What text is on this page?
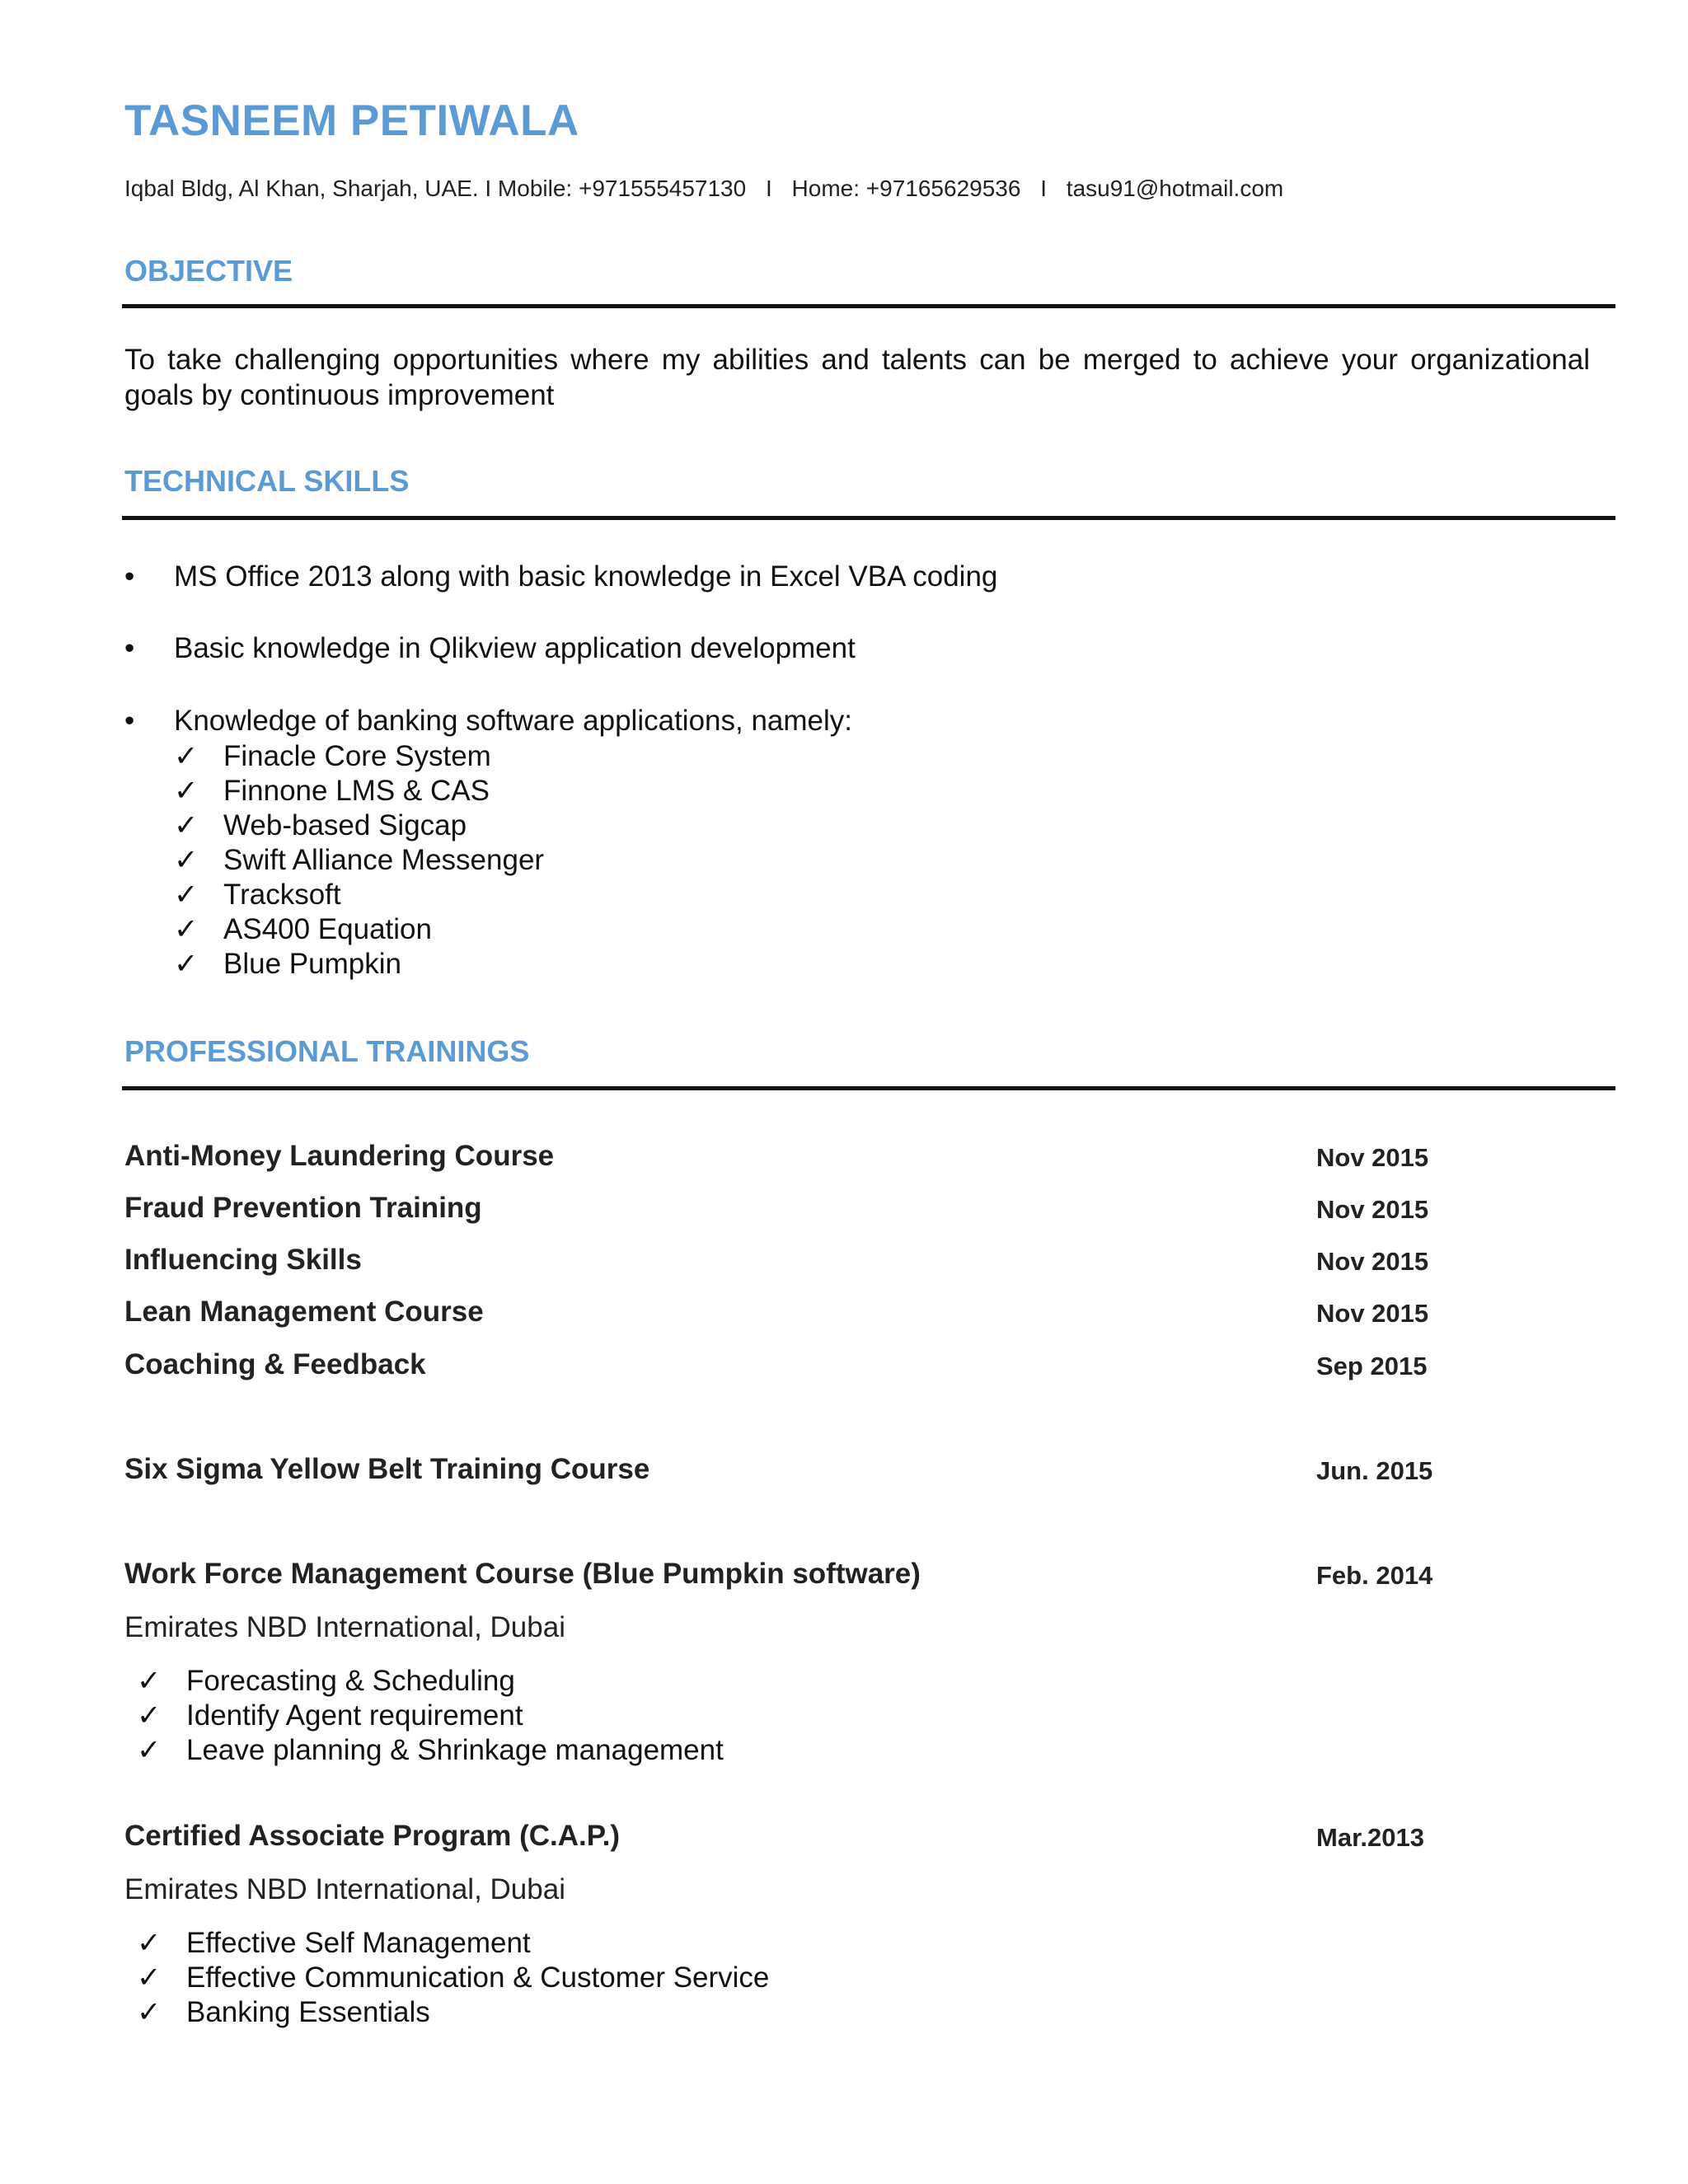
TASNEEM PETIWALA
Iqbal Bldg, Al Khan, Sharjah, UAE. I Mobile: +971555457130 I Home: +97165629536 I tasu91@hotmail.com
OBJECTIVE
To take challenging opportunities where my abilities and talents can be merged to achieve your organizational goals by continuous improvement
TECHNICAL SKILLS
•	MS Office 2013 along with basic knowledge in Excel VBA coding
•	Basic knowledge in Qlikview application development
•	Knowledge of banking software applications, namely:
✓ Finacle Core System
✓ Finnone LMS & CAS
✓ Web-based Sigcap
✓ Swift Alliance Messenger
✓ Tracksoft
✓ AS400 Equation
✓ Blue Pumpkin
PROFESSIONAL TRAININGS
Anti-Money Laundering Course	Nov 2015
Fraud Prevention Training	Nov 2015
Influencing Skills	Nov 2015
Lean Management Course	Nov 2015
Coaching & Feedback	Sep 2015
Six Sigma Yellow Belt Training Course	Jun. 2015
Work Force Management Course (Blue Pumpkin software)	Feb. 2014
Emirates NBD International, Dubai
✓ Forecasting & Scheduling
✓ Identify Agent requirement
✓ Leave planning & Shrinkage management
Certified Associate Program (C.A.P.)	Mar.2013
Emirates NBD International, Dubai
✓ Effective Self Management
✓ Effective Communication & Customer Service
✓ Banking Essentials
